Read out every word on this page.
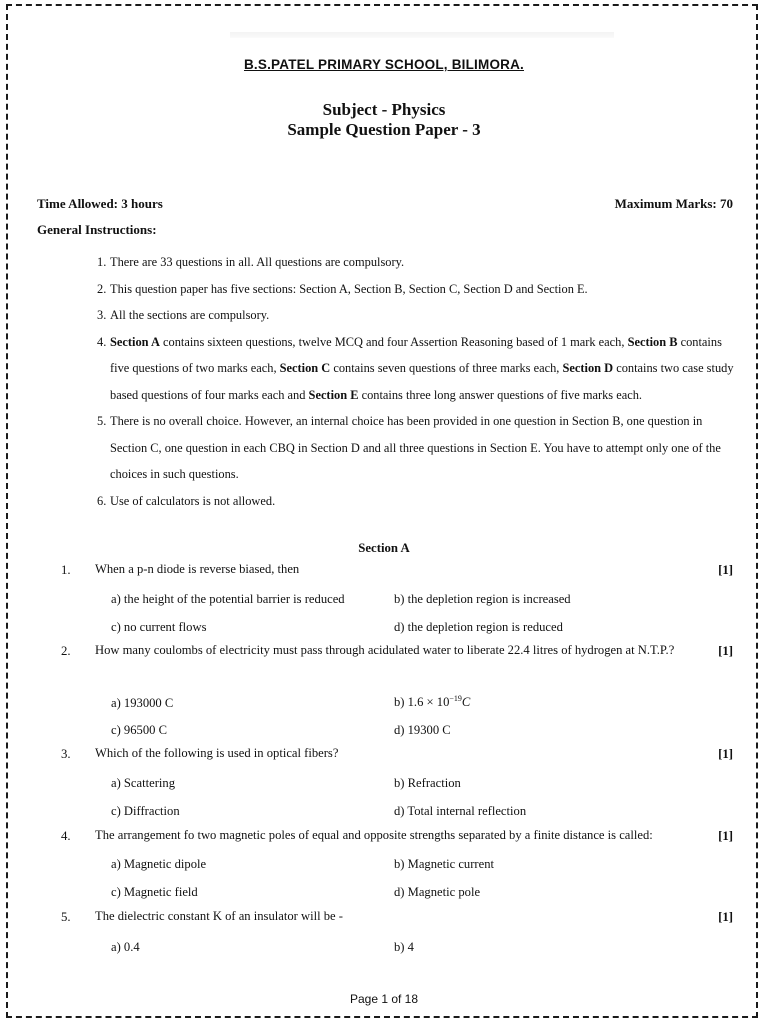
B.S.PATEL PRIMARY SCHOOL, BILIMORA.
Subject - Physics
Sample Question Paper - 3
Time Allowed: 3 hours	Maximum Marks: 70
General Instructions:
1. There are 33 questions in all. All questions are compulsory.
2. This question paper has five sections: Section A, Section B, Section C, Section D and Section E.
3. All the sections are compulsory.
4. Section A contains sixteen questions, twelve MCQ and four Assertion Reasoning based of 1 mark each, Section B contains five questions of two marks each, Section C contains seven questions of three marks each, Section D contains two case study based questions of four marks each and Section E contains three long answer questions of five marks each.
5. There is no overall choice. However, an internal choice has been provided in one question in Section B, one question in Section C, one question in each CBQ in Section D and all three questions in Section E. You have to attempt only one of the choices in such questions.
6. Use of calculators is not allowed.
Section A
1. When a p-n diode is reverse biased, then	[1]
a) the height of the potential barrier is reduced	b) the depletion region is increased
c) no current flows	d) the depletion region is reduced
2. How many coulombs of electricity must pass through acidulated water to liberate 22.4 litres of hydrogen at N.T.P.?	[1]
a) 193000 C	b) $1.6 \times 10^{-19}C$
c) 96500 C	d) 19300 C
3. Which of the following is used in optical fibers?	[1]
a) Scattering	b) Refraction
c) Diffraction	d) Total internal reflection
4. The arrangement fo two magnetic poles of equal and opposite strengths separated by a finite distance is called:	[1]
a) Magnetic dipole	b) Magnetic current
c) Magnetic field	d) Magnetic pole
5. The dielectric constant K of an insulator will be -	[1]
a) 0.4	b) 4
Page 1 of 18
